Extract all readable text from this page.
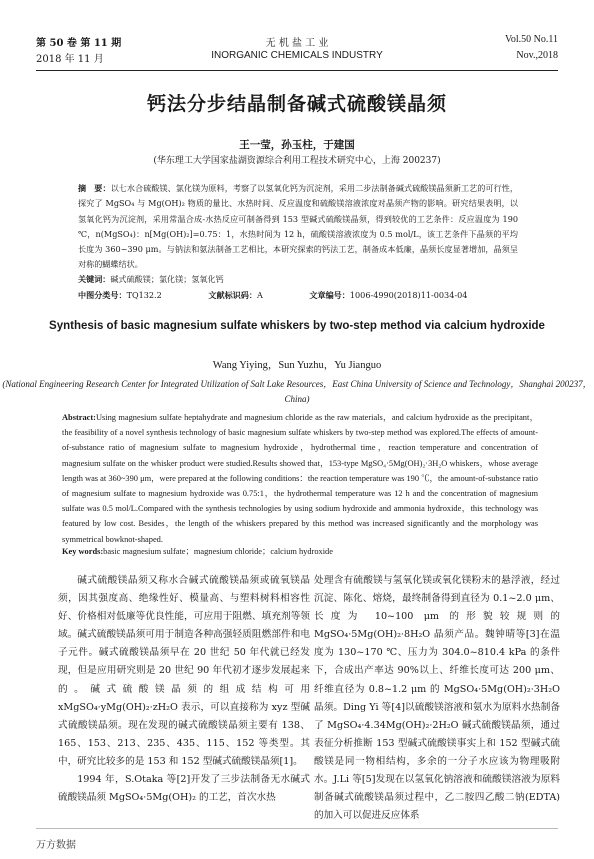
第 50 卷 第 11 期
2018 年 11 月
无 机 盐 工 业
INORGANIC CHEMICALS INDUSTRY
Vol.50 No.11
Nov.,2018
钙法分步结晶制备碱式硫酸镁晶须
王一莹，孙玉柱，于建国
(华东理工大学国家盐湖资源综合利用工程技术研究中心，上海 200237)
摘　要：以七水合硫酸镁、氯化镁为原料，考察了以氢氧化钙为沉淀剂，采用二步法制备碱式硫酸镁晶须新工艺的可行性，探究了 MgSO₄ 与 Mg(OH)₂ 物质的量比、水热时间、反应温度和硫酸镁溶液浓度对晶须产物的影响。研究结果表明，以氢氧化钙为沉淀剂，采用常温合成-水热反应可制备得到 153 型碱式硫酸镁晶须，得到较优的工艺条件：反应温度为 190 ℃，n(MgSO₄)：n[Mg(OH)₂]=0.75：1，水热时间为 12 h，硫酸镁溶液浓度为 0.5 mol/L，该工艺条件下晶须的平均长度为 360~390 μm。与钠法和氨法制备工艺相比，本研究探索的钙法工艺，制备成本低廉，晶须长度显著增加，晶须呈对称的蝴蝶结状。
关键词：碱式硫酸镁；氯化镁；氢氧化钙
中图分类号：TQ132.2	文献标识码：A	文章编号：1006-4990(2018)11-0034-04
Synthesis of basic magnesium sulfate whiskers by two-step method via calcium hydroxide
Wang Yiying，Sun Yuzhu，Yu Jianguo
(National Engineering Research Center for Integrated Utilization of Salt Lake Resources，East China University of Science and Technology，Shanghai 200237，China)
Abstract:Using magnesium sulfate heptahydrate and magnesium chloride as the raw materials，and calcium hydroxide as the precipitant，the feasibility of a novel synthesis technology of basic magnesium sulfate whiskers by two-step method was explored.The effects of amount-of-substance ratio of magnesium sulfate to magnesium hydroxide，hydrothermal time，reaction temperature and concentration of magnesium sulfate on the whisker product were studied.Results showed that，153-type MgSO₄·5Mg(OH)₂·3H₂O whiskers，whose average length was at 360~390 μm，were prepared at the following conditions：the reaction temperature was 190 ℃，the amount-of-substance ratio of magnesium sulfate to magnesium hydroxide was 0.75:1，the hydrothermal temperature was 12 h and the concentration of magnesium sulfate was 0.5 mol/L.Compared with the synthesis technologies by using sodium hydroxide and ammonia hydroxide，this technology was featured by low cost. Besides，the length of the whiskers prepared by this method was increased significantly and the morphology was symmetrical bowknot-shaped.
Key words:basic magnesium sulfate；magnesium chloride；calcium hydroxide

碱式硫酸镁晶须又称水合碱式硫酸镁晶须或硫氧镁晶须，因其强度高、绝缘性好、模量高、与塑料树料相容性好、价格相对低廉等优良性能，可应用于阻燃、填充剂等领域。碱式硫酸镁晶须可用于制造各种高强轻质阻燃部件和电子元件。碱式硫酸镁晶须早在 20 世纪 50 年代就已经发现，但是应用研究则是 20 世纪 90 年代初才逐步发展起来的。碱式硫酸镁晶须的组成结构可用 xMgSO₄·yMg(OH)₂·zH₂O 表示，可以直接称为 xyz 型碱式硫酸镁晶须。现在发现的碱式硫酸镁晶须主要有 138、165、153、213、235、435、115、152 等类型。其中，研究比较多的是 153 和 152 型碱式硫酸镁晶须[1]。

1994 年，S.Otaka 等[2]开发了三步法制备无水碱式硫酸镁晶须 MgSO₄·5Mg(OH)₂ 的工艺，首次水热

处理含有硫酸镁与氢氧化镁或氧化镁粉末的悬浮液，经过沉淀、陈化、熔烧，最终制备得到直径为 0.1~2.0 μm、长度为 10~100 μm 的形貌较规则的 MgSO₄·5Mg(OH)₂·8H₂O 晶须产品。魏钟晴等[3]在温度为 130~170 ℃、压力为 304.0~810.4 kPa 的条件下，合成出产率达 90%以上、纤维长度可达 200 μm、纤维直径为 0.8~1.2 μm 的 MgSO₄·5Mg(OH)₂·3H₂O 晶须。Ding Yi 等[4]以硫酸镁溶液和氨水为原料水热制备了 MgSO₄·4.34Mg(OH)₂·2H₂O 碱式硫酸镁晶须，通过表征分析推断 153 型碱式硫酸镁事实上和 152 型碱式硫酸镁是同一物相结构，多余的一分子水应该为物理吸附水。J.Li 等[5]发现在以氢氧化钠溶液和硫酸镁溶液为原料制备碱式硫酸镁晶须过程中，乙二胺四乙酸二钠(EDTA)的加入可以促进反应体系

万方数据
